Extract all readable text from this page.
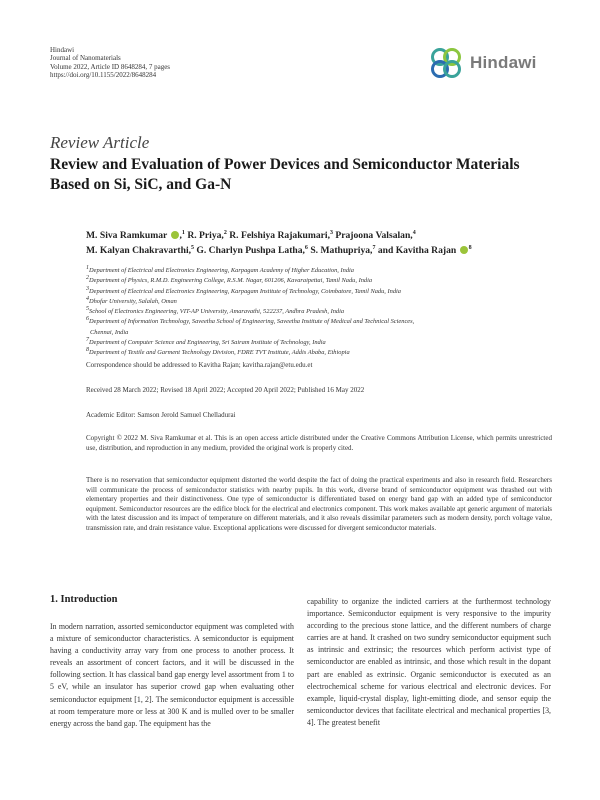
Hindawi
Journal of Nanomaterials
Volume 2022, Article ID 8648284, 7 pages
https://doi.org/10.1155/2022/8648284
Hindawi
Review Article
Review and Evaluation of Power Devices and Semiconductor Materials Based on Si, SiC, and Ga-N
M. Siva Ramkumar ,$^1$ R. Priya,$^2$ R. Felshiya Rajakumari,$^3$ Prajoona Valsalan,$^4$
M. Kalyan Chakravarthi,$^5$ G. Charlyn Pushpa Latha,$^6$ S. Mathupriya,$^7$ and Kavitha Rajan $^8$
$^1$Department of Electrical and Electronics Engineering, Karpagam Academy of Higher Education, India
$^2$Department of Physics, R.M.D. Engineering College, R.S.M. Nagar, 601206, Kavaraipettai, Tamil Nadu, India
$^3$Department of Electrical and Electronics Engineering, Karpagam Institute of Technology, Coimbatore, Tamil Nadu, India
$^4$Dhofar University, Salalah, Oman
$^5$School of Electronics Engineering, VIT-AP University, Amaravathi, 522237, Andhra Pradesh, India
$^6$Department of Information Technology, Saveetha School of Engineering, Saveetha Institute of Medical and Technical Sciences,
Chennai, India
$^7$Department of Computer Science and Engineering, Sri Sairam Institute of Technology, India
$^8$Department of Textile and Garment Technology Division, FDRE TVT Institute, Addis Ababa, Ethiopia
Correspondence should be addressed to Kavitha Rajan; kavitha.rajan@etu.edu.et
Received 28 March 2022; Revised 18 April 2022; Accepted 20 April 2022; Published 16 May 2022
Academic Editor: Samson Jerold Samuel Chelladurai
Copyright © 2022 M. Siva Ramkumar et al. This is an open access article distributed under the Creative Commons Attribution License, which permits unrestricted use, distribution, and reproduction in any medium, provided the original work is properly cited.
There is no reservation that semiconductor equipment distorted the world despite the fact of doing the practical experiments and also in research field. Researchers will communicate the process of semiconductor statistics with nearby pupils. In this work, diverse brand of semiconductor equipment was thrashed out with elementary properties and their distinctiveness. One type of semiconductor is differentiated based on energy band gap with an added type of semiconductor equipment. Semiconductor resources are the edifice block for the electrical and electronics component. This work makes available apt generic argument of materials with the latest discussion and its impact of temperature on different materials, and it also reveals dissimilar parameters such as modern density, porch voltage value, transmission rate, and drain resistance value. Exceptional applications were discussed for divergent semiconductor materials.
1. Introduction
In modern narration, assorted semiconductor equipment was completed with a mixture of semiconductor characteristics. A semiconductor is equipment having a conductivity array vary from one process to another process. It reveals an assortment of concert factors, and it will be discussed in the following section. It has classical band gap energy level assortment from 1 to 5 eV, while an insulator has superior crowd gap when evaluating other semiconductor equipment [1, 2]. The semiconductor equipment is accessible at room temperature more or less at 300 K and is mulled over to be smaller energy across the band gap. The equipment has the
capability to organize the indicted carriers at the furthermost technology importance. Semiconductor equipment is very responsive to the impurity according to the precious stone lattice, and the different numbers of charge carries are at hand. It crashed on two sundry semiconductor equipment such as intrinsic and extrinsic; the resources which perform activist type of semiconductor are enabled as intrinsic, and those which result in the dopant part are enabled as extrinsic. Organic semiconductor is executed as an electrochemical scheme for various electrical and electronic devices. For example, liquid-crystal display, light-emitting diode, and sensor equip the semiconductor devices that facilitate electrical and mechanical properties [3, 4]. The greatest benefit
